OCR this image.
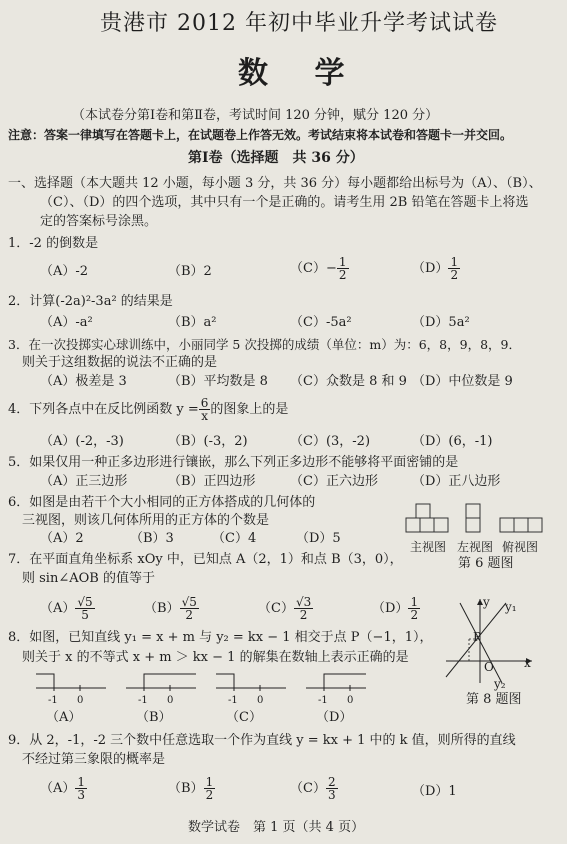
贵港市 2012 年初中毕业升学考试试卷
数 学
（本试卷分第Ⅰ卷和第Ⅱ卷，考试时间 120 分钟，赋分 120 分）
注意：答案一律填写在答题卡上，在试题卷上作答无效。考试结束将本试卷和答题卡一并交回。
第Ⅰ卷（选择题　共 36 分）
一、选择题（本大题共 12 小题，每小题 3 分，共 36 分）每小题都给出标号为（A）、（B）、
（C）、（D）的四个选项，其中只有一个是正确的。请考生用 2B 铅笔在答题卡上将选
定的答案标号涂黑。
1．-2 的倒数是
（A）-2	（B）2	$(C)- \frac{1}{2}$	$(D) \frac{1}{2}$
2．计算(-2a)²-3a² 的结果是
（A）-a²	（B）a²	（C）-5a²	（D）5a²
3．在一次投掷实心球训练中，小丽同学 5 次投掷的成绩（单位：m）为：6，8，9，8，9．
则关于这组数据的说法不正确的是
（A）极差是 3	（B）平均数是 8 （C）众数是 8 和 9 （D）中位数是 9
4．下列各点中在反比例函数 $y = \frac{6}{x}$ 的图象上的是
（A）(-2，-3)	（B）(-3，2)	（C）(3，-2)	（D）(6，-1)
5．如果仅用一种正多边形进行镶嵌，那么下列正多边形不能够将平面密铺的是
（A）正三边形	（B）正四边形	（C）正六边形	（D）正八边形
6．如图是由若干个大小相同的正方体搭成的几何体的
三视图，则该几何体所用的正方体的个数是
（A）2	（B）3	（C）4	（D）5
主视图 左视图 俯视图
第 6 题图
7．在平面直角坐标系 xOy 中，已知点 A（2，1）和点 B（3，0），
则 sin∠AOB 的值等于
$(A) \frac{√5}{5}$	$(B) \frac{√5}{2}$	$(C) \frac{√3}{2}$	$(D) \frac{1}{2}$
8．如图，已知直线 y₁ = x + m 与 y₂ = kx − 1 相交于点 P（−1，1），
则关于 x 的不等式 x + m ＞ kx − 1 的解集在数轴上表示正确的是
y y₁
P
O	x
y₂
第 8 题图
-1 0	-1 0	-1 0	-1 0
（A）	（B）	（C）	（D）
9．从 2，-1，-2 三个数中任意选取一个作为直线 y = kx + 1 中的 k 值，则所得的直线
不经过第三象限的概率是
$(A) \frac{1}{3}$	$(B) \frac{1}{2}$	$(C) \frac{2}{3}$	（D）1
数学试卷　第 1 页（共 4 页）
